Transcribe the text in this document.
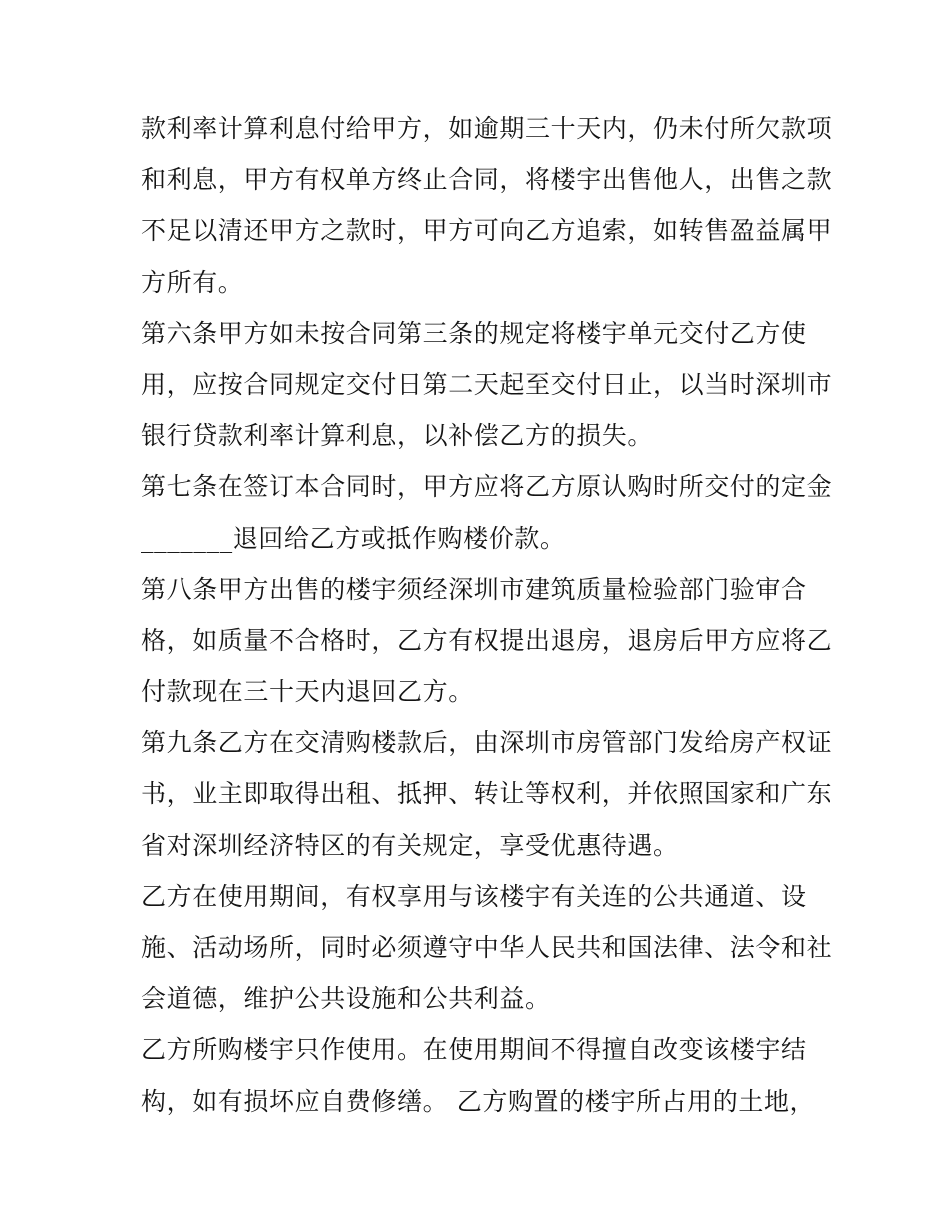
款利率计算利息付给甲方，如逾期三十天内，仍未付所欠款项
和利息，甲方有权单方终止合同，将楼宇出售他人，出售之款
不足以清还甲方之款时，甲方可向乙方追索，如转售盈益属甲
方所有。
第六条甲方如未按合同第三条的规定将楼宇单元交付乙方使
用，应按合同规定交付日第二天起至交付日止，以当时深圳市
银行贷款利率计算利息，以补偿乙方的损失。
第七条在签订本合同时，甲方应将乙方原认购时所交付的定金
_______退回给乙方或抵作购楼价款。
第八条甲方出售的楼宇须经深圳市建筑质量检验部门验审合
格，如质量不合格时，乙方有权提出退房，退房后甲方应将乙
付款现在三十天内退回乙方。
第九条乙方在交清购楼款后，由深圳市房管部门发给房产权证
书，业主即取得出租、抵押、转让等权利，并依照国家和广东
省对深圳经济特区的有关规定，享受优惠待遇。
乙方在使用期间，有权享用与该楼宇有关连的公共通道、设
施、活动场所，同时必须遵守中华人民共和国法律、法令和社
会道德，维护公共设施和公共利益。
乙方所购楼宇只作使用。在使用期间不得擅自改变该楼宇结
构，如有损坏应自费修缮。 乙方购置的楼宇所占用的土地，
